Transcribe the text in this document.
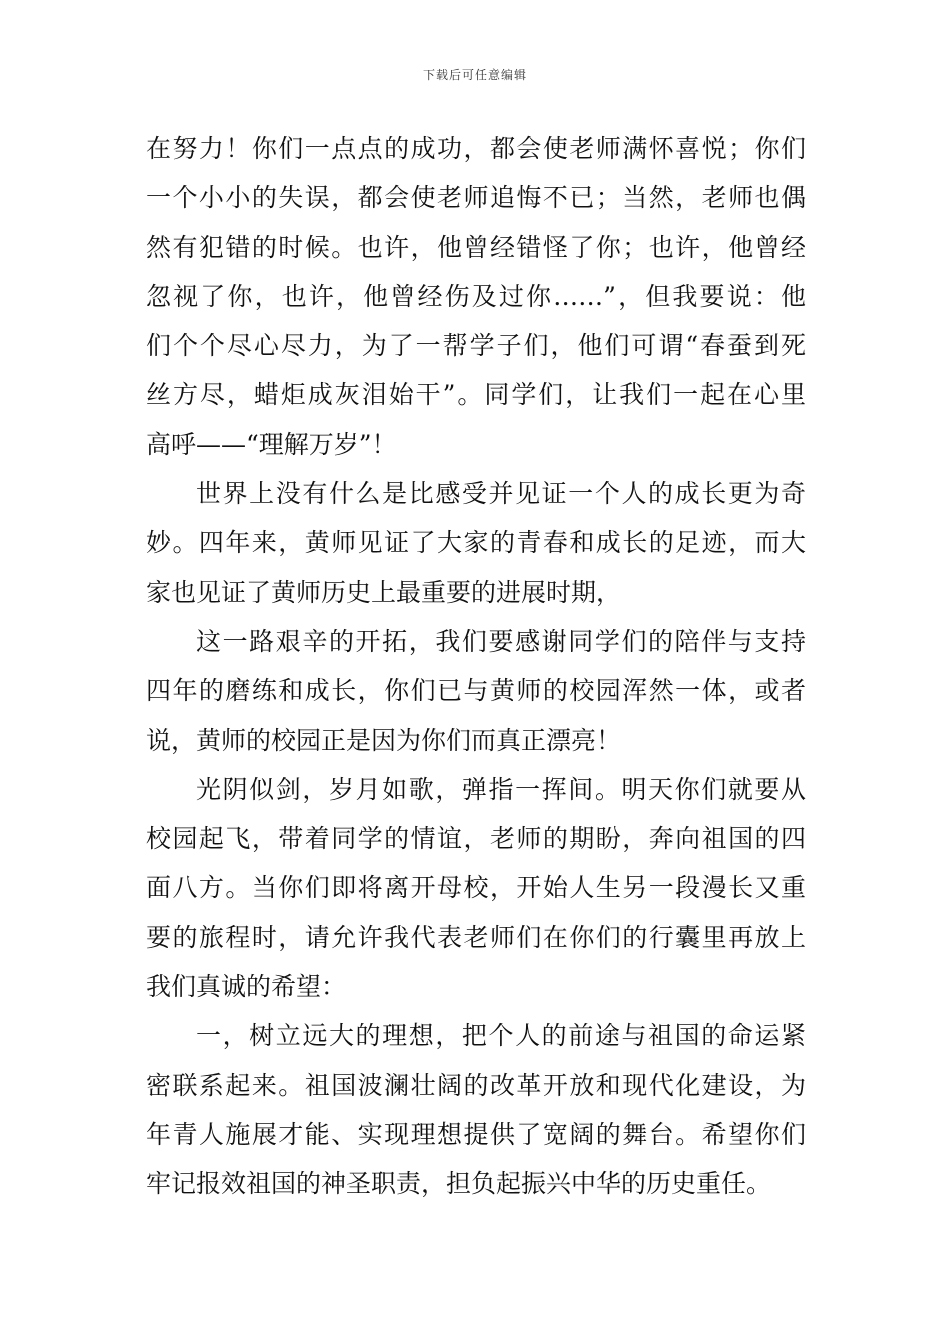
下载后可任意编辑
在努力！你们一点点的成功，都会使老师满怀喜悦；你们
一个小小的失误，都会使老师追悔不已；当然，老师也偶
然有犯错的时候。也许，他曾经错怪了你；也许，他曾经
忽视了你，也许，他曾经伤及过你……”，但我要说：他
们个个尽心尽力，为了一帮学子们，他们可谓“春蚕到死
丝方尽，蜡炬成灰泪始干”。同学们，让我们一起在心里
高呼——“理解万岁”！
世界上没有什么是比感受并见证一个人的成长更为奇
妙。四年来，黄师见证了大家的青春和成长的足迹，而大
家也见证了黄师历史上最重要的进展时期，
这一路艰辛的开拓，我们要感谢同学们的陪伴与支持
四年的磨练和成长，你们已与黄师的校园浑然一体，或者
说，黄师的校园正是因为你们而真正漂亮！
光阴似剑，岁月如歌，弹指一挥间。明天你们就要从
校园起飞，带着同学的情谊，老师的期盼，奔向祖国的四
面八方。当你们即将离开母校，开始人生另一段漫长又重
要的旅程时，请允许我代表老师们在你们的行囊里再放上
我们真诚的希望：
一，树立远大的理想，把个人的前途与祖国的命运紧
密联系起来。祖国波澜壮阔的改革开放和现代化建设，为
年青人施展才能、实现理想提供了宽阔的舞台。希望你们
牢记报效祖国的神圣职责，担负起振兴中华的历史重任。
